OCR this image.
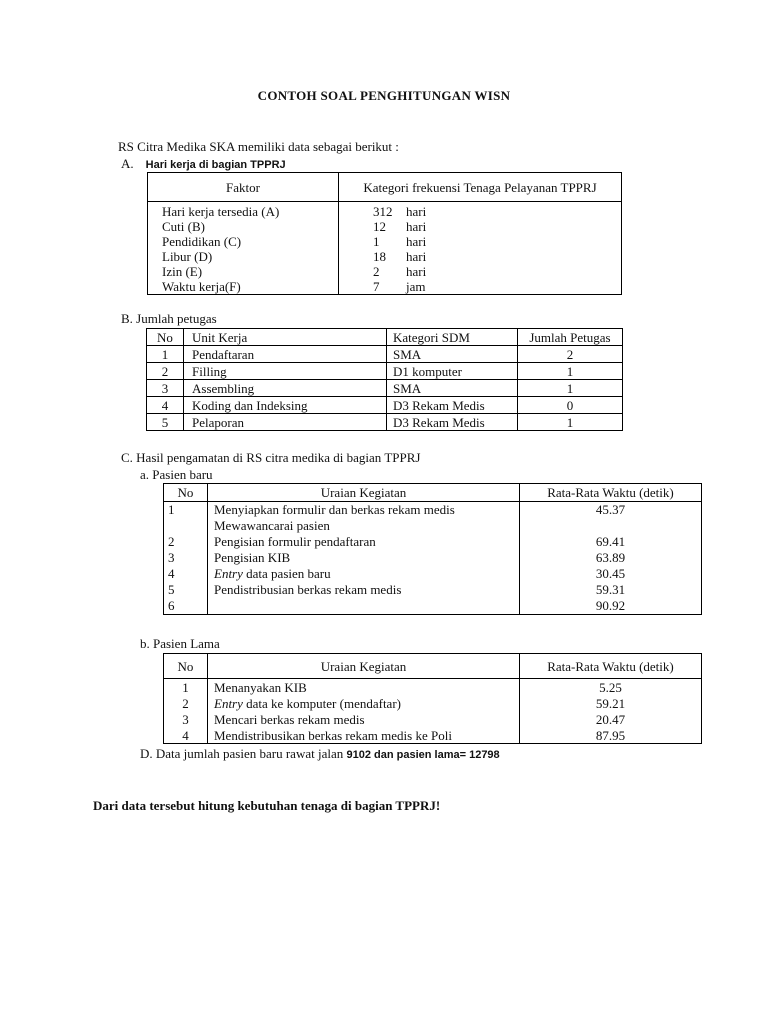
CONTOH SOAL PENGHITUNGAN WISN
RS Citra Medika SKA memiliki data sebagai berikut :
A. Hari kerja di bagian TPPRJ
Faktor	Kategori frekuensi Tenaga Pelayanan TPPRJ
Hari kerja tersedia (A)	312 hari
Cuti (B)	12 hari
Pendidikan (C)	1 hari
Libur (D)	18 hari
Izin (E)	2 hari
Waktu kerja(F)	7 jam
B. Jumlah petugas
No	Unit Kerja	Kategori SDM	Jumlah Petugas
1	Pendaftaran	SMA	2
2	Filling	D1 komputer	1
3	Assembling	SMA	1
4	Koding dan Indeksing	D3 Rekam Medis	0
5	Pelaporan	D3 Rekam Medis	1
C. Hasil pengamatan di RS citra medika di bagian TPPRJ
a. Pasien baru
No	Uraian Kegiatan	Rata-Rata Waktu (detik)
1	Menyiapkan formulir dan berkas rekam medis	45.37
	Mewawancarai pasien	
2	Pengisian formulir pendaftaran	69.41
3	Pengisian KIB	63.89
4	Entry data pasien baru	30.45
5	Pendistribusian berkas rekam medis	59.31
6		90.92
b. Pasien Lama
No	Uraian Kegiatan	Rata-Rata Waktu (detik)
1	Menanyakan KIB	5.25
2	Entry data ke komputer (mendaftar)	59.21
3	Mencari berkas rekam medis	20.47
4	Mendistribusikan berkas rekam medis ke Poli	87.95
D. Data jumlah pasien baru rawat jalan 9102 dan pasien lama= 12798
Dari data tersebut hitung kebutuhan tenaga di bagian TPPRJ!
